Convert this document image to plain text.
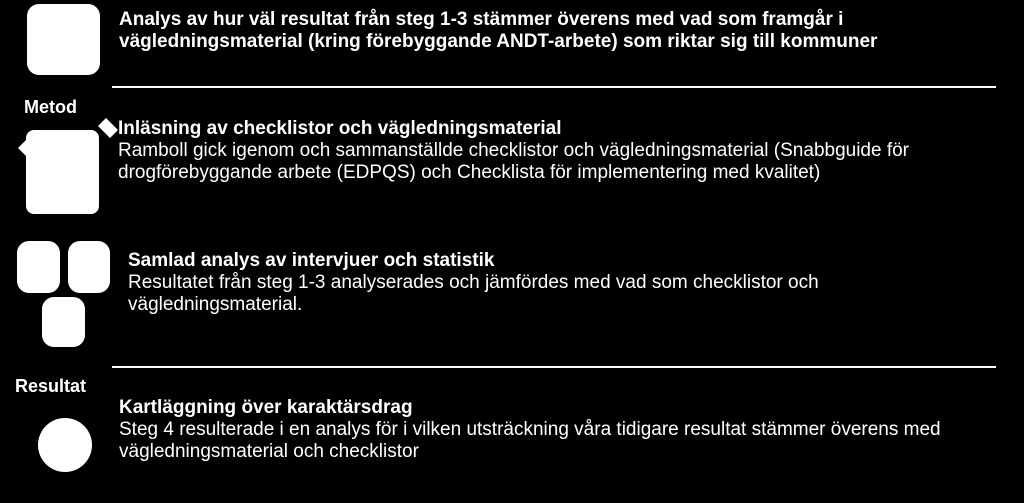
Analys av hur väl resultat från steg 1-3 stämmer överens med vad som framgår i vägledningsmaterial (kring förebyggande ANDT-arbete) som riktar sig till kommuner
Metod
Inläsning av checklistor och vägledningsmaterial
Ramboll gick igenom och sammanställde checklistor och vägledningsmaterial (Snabbguide för drogförebyggande arbete (EDPQS) och Checklista för implementering med kvalitet)
Samlad analys av intervjuer och statistik
Resultatet från steg 1-3 analyserades och jämfördes med vad som checklistor och vägledningsmaterial.
Resultat
Kartläggning över karaktärsdrag
Steg 4 resulterade i en analys för i vilken utsträckning våra tidigare resultat stämmer överens med vägledningsmaterial och checklistor
